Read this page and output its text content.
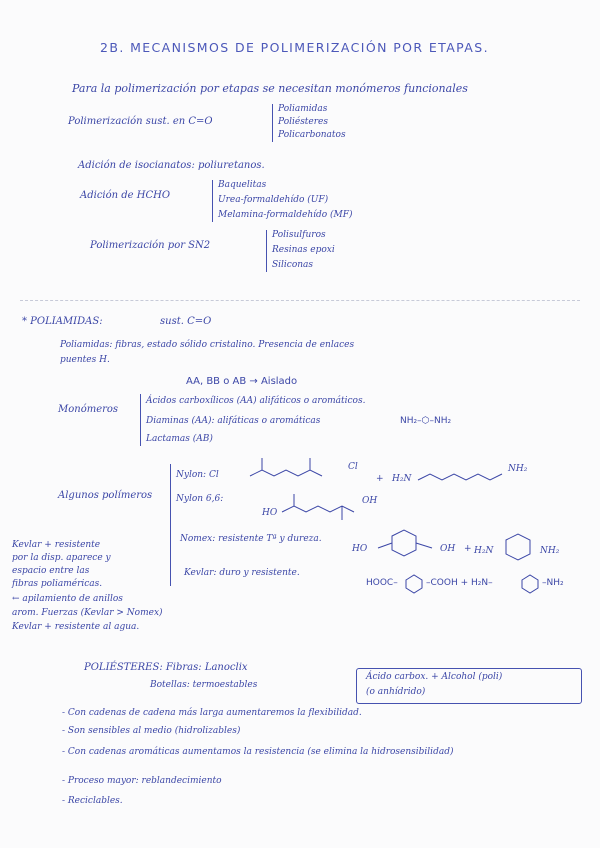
2B. MECANISMOS DE POLIMERIZACIÓN POR ETAPAS.
Para la polimerización por etapas se necesitan monómeros funcionales
Polimerización sust. en C=O
Poliamidas
Poliésteres
Policarbonatos
Adición de isocianatos: poliuretanos.
Adición de HCHO
Baquelitas
Urea-formaldehído (UF)
Melamina-formaldehído (MF)
Polimerización por SN2
Polisulfuros
Resinas epoxi
Siliconas
* POLIAMIDAS:	sust. C=O
Poliamidas: fibras, estado sólido cristalino. Presencia de enlaces
puentes H.
AA, BB o AB → Aislado
Monómeros
Ácidos carboxílicos (AA) alifáticos o aromáticos.
Diaminas (AA): alifáticas o aromáticas
Lactamas (AB)
NH₂–⬡–NH₂
Algunos polímeros
Nylon: Cl
Cl
+ H₂N
NH₂
Nylon 6,6:
HO
OH
Nomex: resistente Tª y dureza.
HO	OH + H₂N	NH₂
Kevlar: duro y resistente.
HOOC–	–COOH + H₂N–	–NH₂
Kevlar + resistente
por la disp. aparece y
espacio entre las
fibras poliaméricas.
← apilamiento de anillos
arom. Fuerzas (Kevlar > Nomex)
Kevlar + resistente al agua.
POLIÉSTERES: Fibras: Lanoclix
Botellas: termoestables
Ácido carbox. + Alcohol (poli)
(o anhídrido)
- Con cadenas de cadena más larga aumentaremos la flexibilidad.
- Son sensibles al medio (hidrolizables)
- Con cadenas aromáticas aumentamos la resistencia (se elimina la hidrosensibilidad)
- Proceso mayor: reblandecimiento
- Reciclables.
